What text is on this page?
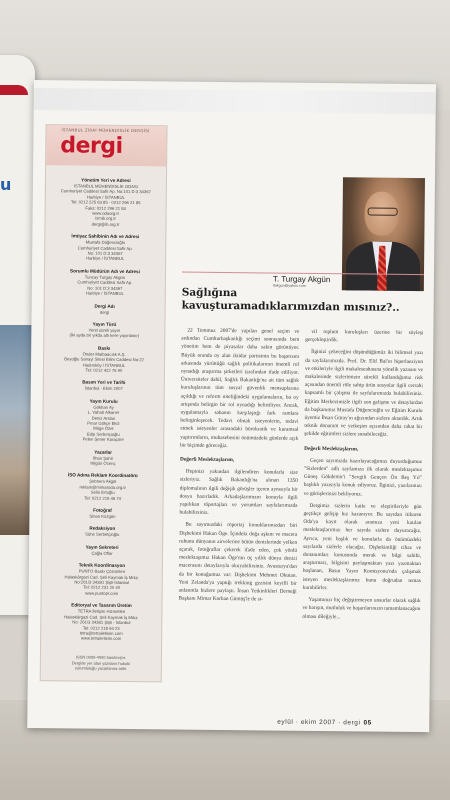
u
İSTANBUL ZİRAİ MÜHENDİSLİK DERGİSİ
dergi
Yönetim Yeri ve Adresi
İSTANBUL MÜHENDİSLİK ODASI
Cumhuriyet Caddesi Safir Ap. No:101 D:3 34367
Harbiye / İSTANBUL
Tel: 0212 225 63 85 · 0212 296 21 85
Faks: 0212 296 21 84
www.odaorg.tr
izmib.org.tr
dergi@ib.org.tr
İmtiyaz Sahibinin Adı ve Adresi
Mustafa Düğencioğlu
Cumhuriyet Caddesi Safir Ap.
No: 101 D:3 34367
Harbiye / İSTANBUL
Sorumlu Müdürün Adı ve Adresi
Tuncay Turgay Akgün
Cumhuriyet Caddesi Safir Ap.
No: 101 D:3 34367
Harbiye / İSTANBUL
Dergi Adı
dergi
Yayın Türü
Yerel süreli yayın
(İki ayda bir yıkda altı kere yayınlanır)
Baskı
Önder Matbaacılık A.Ş.
Beyoğlu Sanayi Sitesi Bilim Caddesi No:22
Hadımköy / İSTANBUL
Tel: 0212 422 76 90
Basım Yeri ve Tarihi
İstanbul · Ekim 2007
Yayın Kurulu
Gökhan Ay
L. Vahab Alkaner
Deniz Arslan
Pınar Gökçe Ekiz
Müge Özel
Edip Serbetçioğlu
Pelen Şener Karaçöre
Yazarlar
İlhan Şahir
Nilgün Öcenç
İSO Adına Reklam Koordinatörü
Şebnem Akgöl
reklam@mimaroda.org.tr
Selin Ertuğlu
Tel: 0212 219 46 74
Fotoğraf
Sinan Kozgün
Redaksiyon
Sühe Serbetçioğlu
Yayın Sekreteri
Çağla Oflar
Teknik Koordinasyon
PUNTO Baskı Çözümleri
Halaskârgazi Cad. Şeli Kaymak İş Mrkz.
No:261/3 34381 Şişli-İstanbul
Tel: 0212 231 20 40
www.puntopr.com
Editoryal ve Tasarım Üretim
TETRA İletişim Hizmetleri
Halaskârgazi Cad. Şeli Kaymak İş Mrkz.
No: 261/3 34381 Şişli - İstanbul
Tel: 0212 218 94 23
tetra@tetrailetisim.com
www.tetrailetisim.com
ISSN 0000-4000 basılmıştır.
Dergide yer alan yazıların hukuki
sorumluluğu yazarlarına aittir.
T. Turgay Akgün
ttakgun@yahoo.com
Sağlığına
kavuşturamadıklarımızdan mısınız?..

22 Temmuz 2007'de yapılan genel seçim ve ardından Cumhurbaşkanlığı seçimi sonrasında bem yönetim hem de piyasalar daha sakin görünüyor. Büyük oranda oy alan iktidar partisinin bu başarısını arkasında yürüttüğü sağlık politikalarının önemli rol oynadığı araştırma şirketleri tarafından ifade ediliyor. Üniversiteler dahil, Sağlık Bakanlığı'na ait tüm sağlık kuruluşlarının tüm sosyal güvenlik mensuplarına açıldığı ve reform niteliğindeki uygulamaların, bu oy artışında belirgin bir rol oynadığı belirtiliyor. Ancak, uygulamayla sahanın karşılaştığı fark ramlara belirginleşecek. Tedavi olmak isteyenlerin, tedavi etmek isteyenler arasındaki bürokratik ve kuramsal yaptırımların, muhasebesini önümüzdeki günlerde açık bir biçimde göreceğiz.

Değerli Meslektaşlarım,

Hepinizi yakından ilgilendiren konularla size sizleriyiz. Sağlık Bakanlığı'na alınan 1350 diplomalının ilgili değişik görüşler içeren aynısıyla bir dosya hazırladık. Arkadaşlarımızın konuyla ilgili yapılıkan röportajları ve yorumları sayfalarımızda bulabilirsiniz.

Bu sayımızdaki röportaj konuklarımızdan biri Dişhekimi Hakan Öge. İçindeki doğa aşkını ve macera ruhunu dünyanın zirvelerine bütün denizlerinde yelken açarak, fotoğraflar çekerek ifade eden, çok yönlü meslektaşımız Hakan Öge'nin üç yıllık dünya denizi macerasını detaylarıyla okuyabilirsiniz. Avusturya'dan da bir konuğumuz var: Dişhekimi Mehmet Okutan. Yeni Zelanda'ya yaptığı trekking gezisini keyifli bir anlatımla bizlere paylaştı. İnsan Yetkinlikleri Derneği Başkanı Mimar Korhan Gümüş'le de si-

vil toplum kuruluşları üzerine bir söyleşi gerçekleştirdik.

İlginizi çekeceğini düşündüğümüz iki bilimsel yazı da sayfalarımızda. Prof. Dr. Elif Bal'ın hiperlaeziyon ve etkileriyle ilgili makaleseahasına yönelik yazısını ve makalesinde sizlerimizin sürekli kullandığımız risk açısından önemli röle sahip ürün sosyolar ilgili cerrahi kapsamlı bir çalışma ile sayfalarımızda bulabilirsiniz. Eğitim Merkezimizle ilgili son gelişme ve detaylardan da başkanımız Mustafa Düğencioğlu ve Eğitim Kurulu üyemiz İhsan Güray'ın ağızından sizlere aktardık. Artık teknik donanım ve yetkeşim açısından daha rahat bir şekilde eğitimleri sizlere sunabileceğiz.

Değerli Meslektaşlarım,

Geçen sayımızda hazırlayacağımızı duyurduğumuz "Sizlerden" adlı sayfamıza ilk olarak meslektaşımız Güneş Gökdemir'i "Sevgili Gençen Ön Beş Yıl" başlıklı yazısıyla konuk ediyoruz. İlginizi, yazılarınızı ve görüşlerinizi bekliyoruz.

Dergimiz sizlerin katkı ve eleştirileriyle gün geçtikçe gelişip hız kazanıyor. Bu sayıdan itibaren Oda'ya kayıt olarak aramıza yeni katılan meslektaşlarımızı her sayıda sizlere duyuracağız. Ayrıca, yeni başlık ve konularla da önümüzdeki sayılarda sizlerle olacağız. Dişhekimliği cihaz ve donanımları konusunda merak ve bilgi sahibi, araştırmacı, bilgisini paylaşmaktan yazı yazmaktan hoşlanan, Basın Yayın Komisyonu'nda çalışmak isteyen meslektaşlarımız bunu doğrudan temas kurabilirler.

Yaşamınızı hiç değiştirmeyen unsurlar olarak sağlık ve barışın, mutluluk ve başarılarınızın tamamlanacağını olması dileğiyle...

eylül · ekim 2007 · dergi 05
